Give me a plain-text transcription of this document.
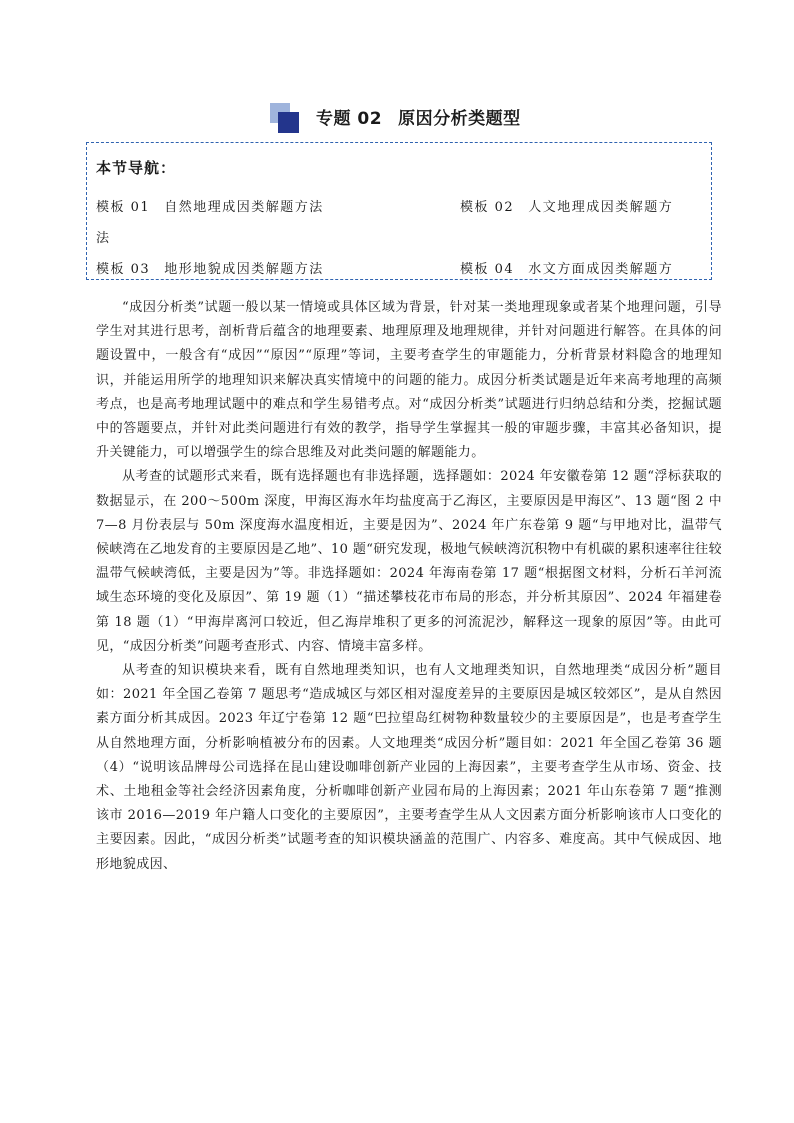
专题 02 原因分析类题型
本节导航：
模板 01 自然地理成因类解题方法	模板 02 人文地理成因类解题方
法
模板 03 地形地貌成因类解题方法	模板 04 水文方面成因类解题方

“成因分析类”试题一般以某一情境或具体区域为背景，针对某一类地理现象或者某个地理问题，引导学生对其进行思考，剖析背后蕴含的地理要素、地理原理及地理规律，并针对问题进行解答。在具体的问题设置中，一般含有“成因”“原因”“原理”等词，主要考查学生的审题能力，分析背景材料隐含的地理知识，并能运用所学的地理知识来解决真实情境中的问题的能力。成因分析类试题是近年来高考地理的高频考点，也是高考地理试题中的难点和学生易错考点。对“成因分析类”试题进行归纳总结和分类，挖掘试题中的答题要点，并针对此类问题进行有效的教学，指导学生掌握其一般的审题步骤，丰富其必备知识，提升关键能力，可以增强学生的综合思维及对此类问题的解题能力。

从考查的试题形式来看，既有选择题也有非选择题，选择题如：2024 年安徽卷第 12 题“浮标获取的数据显示，在 200～500m 深度，甲海区海水年均盐度高于乙海区，主要原因是甲海区”、13 题“图 2 中 7—8 月份表层与 50m 深度海水温度相近，主要是因为”、2024 年广东卷第 9 题“与甲地对比，温带气候峡湾在乙地发育的主要原因是乙地”、10 题“研究发现，极地气候峡湾沉积物中有机碳的累积速率往往较温带气候峡湾低，主要是因为”等。非选择题如：2024 年海南卷第 17 题“根据图文材料，分析石羊河流域生态环境的变化及原因”、第 19 题（1）“描述攀枝花市布局的形态，并分析其原因”、2024 年福建卷第 18 题（1）“甲海岸离河口较近，但乙海岸堆积了更多的河流泥沙，解释这一现象的原因”等。由此可见，“成因分析类”问题考查形式、内容、情境丰富多样。

从考查的知识模块来看，既有自然地理类知识，也有人文地理类知识，自然地理类“成因分析”题目如：2021 年全国乙卷第 7 题思考“造成城区与郊区相对湿度差异的主要原因是城区较郊区”，是从自然因素方面分析其成因。2023 年辽宁卷第 12 题“巴拉望岛红树物种数量较少的主要原因是”，也是考查学生从自然地理方面，分析影响植被分布的因素。人文地理类“成因分析”题目如：2021 年全国乙卷第 36 题（4）“说明该品牌母公司选择在昆山建设咖啡创新产业园的上海因素”，主要考查学生从市场、资金、技术、土地租金等社会经济因素角度，分析咖啡创新产业园布局的上海因素；2021 年山东卷第 7 题“推测该市 2016—2019 年户籍人口变化的主要原因”，主要考查学生从人文因素方面分析影响该市人口变化的主要因素。因此，“成因分析类”试题考查的知识模块涵盖的范围广、内容多、难度高。其中气候成因、地形地貌成因、
